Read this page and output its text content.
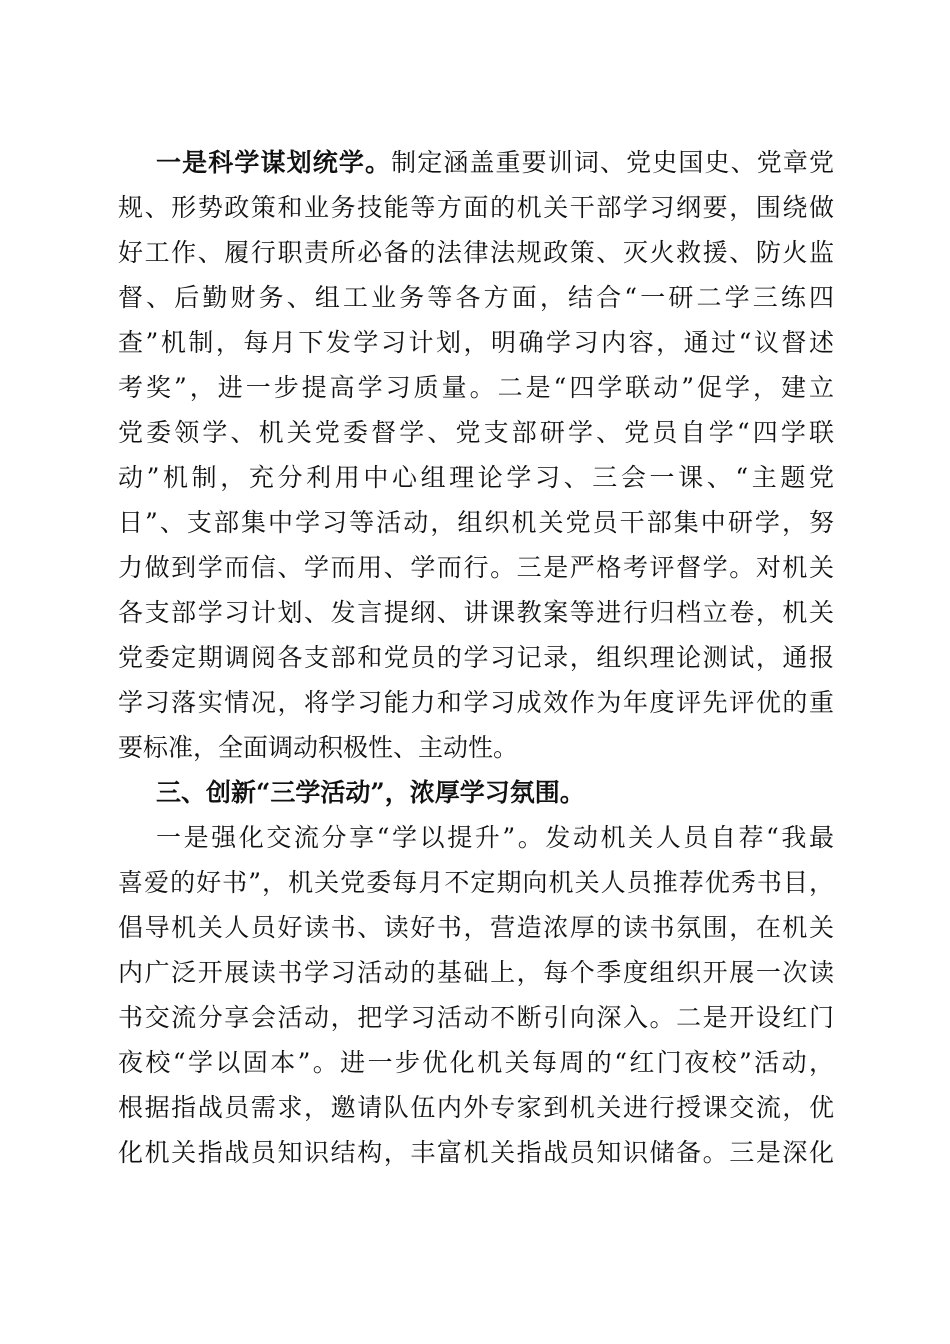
一是科学谋划统学。制定涵盖重要训词、党史国史、党章党
规、形势政策和业务技能等方面的机关干部学习纲要，围绕做
好工作、履行职责所必备的法律法规政策、灭火救援、防火监
督、后勤财务、组工业务等各方面，结合“一研二学三练四
查”机制，每月下发学习计划，明确学习内容，通过“议督述
考奖”，进一步提高学习质量。二是“四学联动”促学，建立
党委领学、机关党委督学、党支部研学、党员自学“四学联
动”机制，充分利用中心组理论学习、三会一课、“主题党
日”、支部集中学习等活动，组织机关党员干部集中研学，努
力做到学而信、学而用、学而行。三是严格考评督学。对机关
各支部学习计划、发言提纲、讲课教案等进行归档立卷，机关
党委定期调阅各支部和党员的学习记录，组织理论测试，通报
学习落实情况，将学习能力和学习成效作为年度评先评优的重
要标准，全面调动积极性、主动性。
三、创新“三学活动”，浓厚学习氛围。
一是强化交流分享“学以提升”。发动机关人员自荐“我最
喜爱的好书”，机关党委每月不定期向机关人员推荐优秀书目，
倡导机关人员好读书、读好书，营造浓厚的读书氛围，在机关
内广泛开展读书学习活动的基础上，每个季度组织开展一次读
书交流分享会活动，把学习活动不断引向深入。二是开设红门
夜校“学以固本”。进一步优化机关每周的“红门夜校”活动，
根据指战员需求，邀请队伍内外专家到机关进行授课交流，优
化机关指战员知识结构，丰富机关指战员知识储备。三是深化
